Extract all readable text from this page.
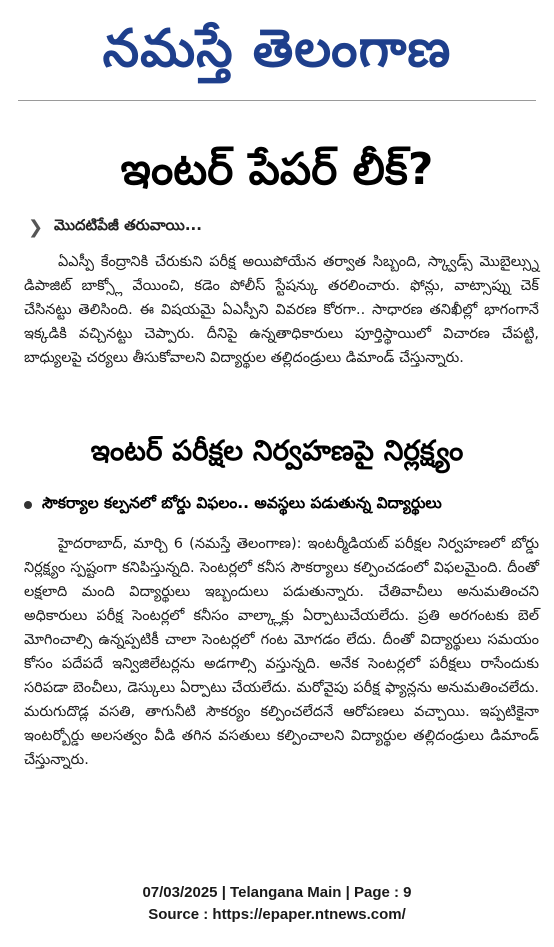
నమస్తే తెలంగాణ
ఇంటర్ పేపర్ లీక్?
❯ మొదటిపేజీ తరువాయి...

ఏఎస్పీ కేంద్రానికి చేరుకుని పరీక్ష అయిపోయేన తర్వాత సిబ్బంది, స్క్వాడ్స్ మొబైల్స్ను డిపాజిట్ బాక్స్లో వేయించి, కడెం పోలీస్ స్టేషన్కు తరలించారు. ఫోన్లు, వాట్సాప్ను చెక్ చేసినట్టు తెలిసింది. ఈ విషయమై ఏఎస్పీని వివరణ కోరగా.. సాధారణ తనిఖీల్లో భాగంగానే ఇక్కడికి వచ్చినట్టు చెప్పారు. దీనిపై ఉన్నతాధికారులు పూర్తిస్థాయిలో విచారణ చేపట్టి, బాధ్యులపై చర్యలు తీసుకోవాలని విద్యార్థుల తల్లిదండ్రులు డిమాండ్ చేస్తున్నారు.

ఇంటర్ పరీక్షల నిర్వహణపై నిర్లక్ష్యం
సౌకర్యాల కల్పనలో బోర్డు విఫలం.. అవస్థలు పడుతున్న విద్యార్థులు

హైదరాబాద్, మార్చి 6 (నమస్తే తెలంగాణ): ఇంటర్మీడియట్ పరీక్షల నిర్వహణలో బోర్డు నిర్లక్ష్యం స్పష్టంగా కనిపిస్తున్నది. సెంటర్లలో కనీస సౌకర్యాలు కల్పించడంలో విఫలమైంది. దీంతో లక్షలాది మంది విద్యార్థులు ఇబ్బందులు పడుతున్నారు. చేతివాచీలు అనుమతించని అధికారులు పరీక్ష సెంటర్లలో కనీసం వాల్క్లాక్లు ఏర్పాటుచేయలేదు. ప్రతి అరగంటకు బెల్ మోగించాల్సి ఉన్నప్పటికీ చాలా సెంటర్లలో గంట మోగడం లేదు. దీంతో విద్యార్థులు సమయం కోసం పదేపదే ఇన్విజిలేటర్లను అడగాల్సి వస్తున్నది. అనేక సెంటర్లలో పరీక్షలు రాసేందుకు సరిపడా బెంచీలు, డెస్కులు ఏర్పాటు చేయలేదు. మరోవైపు పరీక్ష ఫ్యాన్లను అనుమతించలేదు. మరుగుదొడ్ల వసతి, తాగునీటి సౌకర్యం కల్పించలేదనే ఆరోపణలు వచ్చాయి. ఇప్పటికైనా ఇంటర్బోర్డు అలసత్వం వీడి తగిన వసతులు కల్పించాలని విద్యార్థుల తల్లిదండ్రులు డిమాండ్ చేస్తున్నారు.

07/03/2025 | Telangana Main | Page : 9
Source : https://epaper.ntnews.com/
